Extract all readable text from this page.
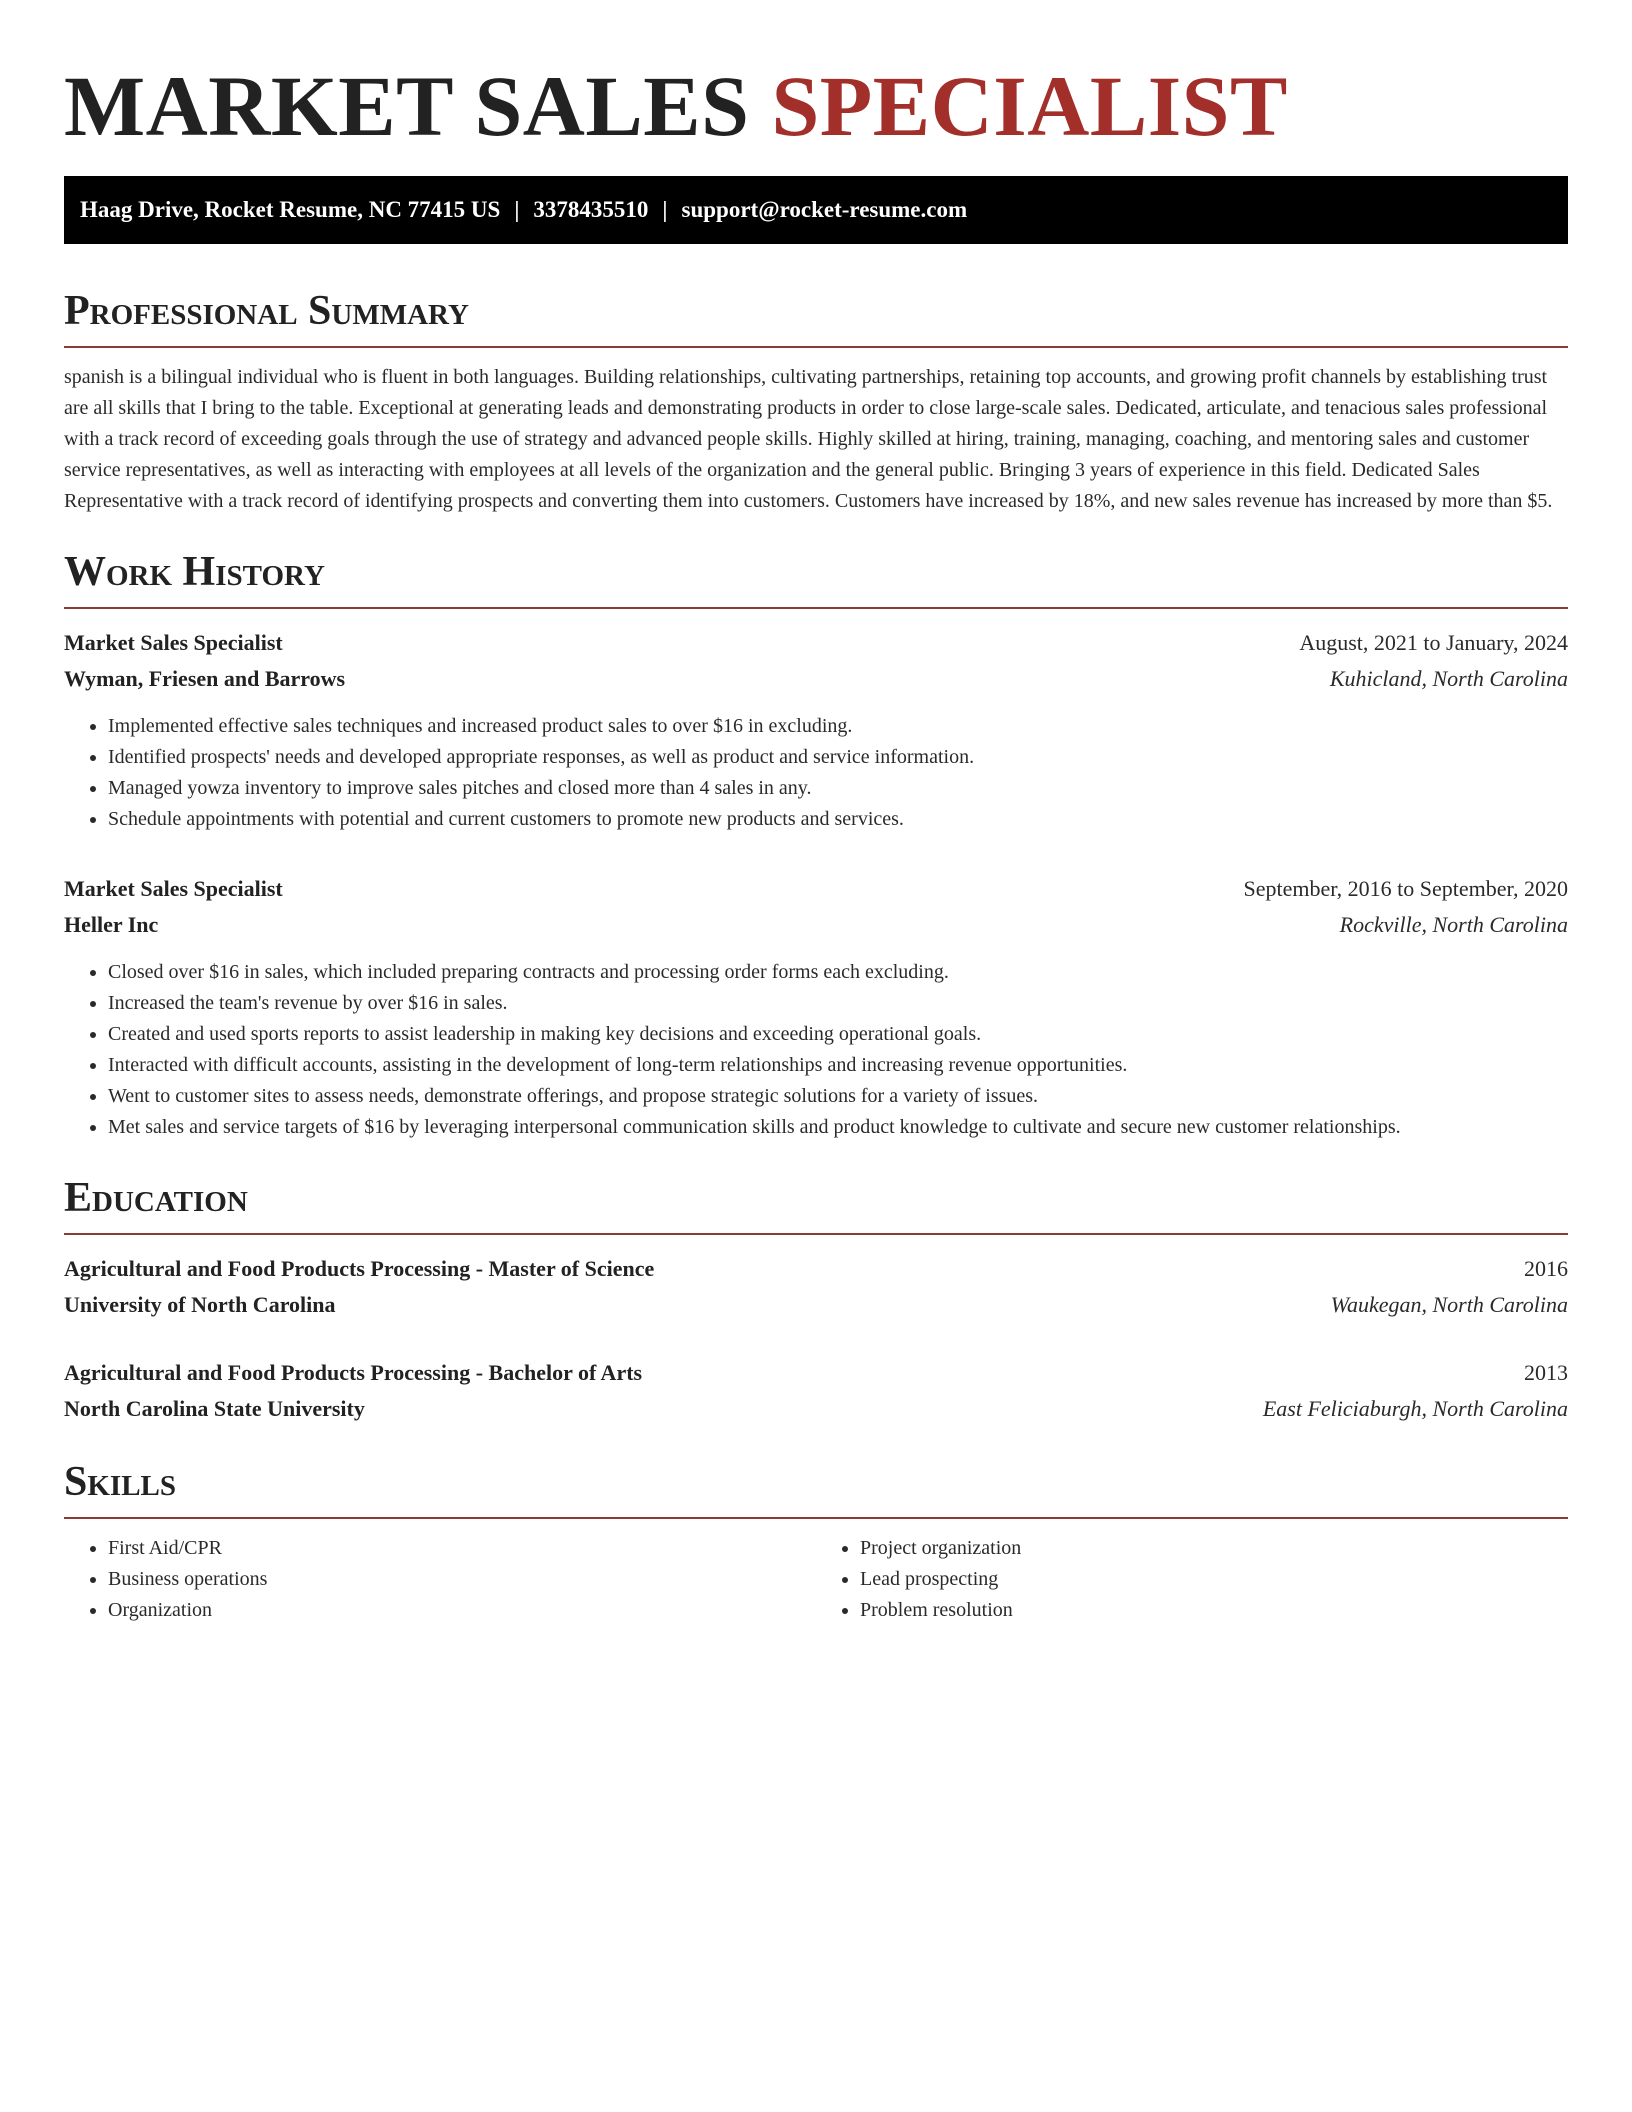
MARKET SALES SPECIALIST
Haag Drive, Rocket Resume, NC 77415 US | 3378435510 | support@rocket-resume.com
Professional Summary

spanish is a bilingual individual who is fluent in both languages. Building relationships, cultivating partnerships, retaining top accounts, and growing profit channels by establishing trust are all skills that I bring to the table. Exceptional at generating leads and demonstrating products in order to close large-scale sales. Dedicated, articulate, and tenacious sales professional with a track record of exceeding goals through the use of strategy and advanced people skills. Highly skilled at hiring, training, managing, coaching, and mentoring sales and customer service representatives, as well as interacting with employees at all levels of the organization and the general public. Bringing 3 years of experience in this field. Dedicated Sales Representative with a track record of identifying prospects and converting them into customers. Customers have increased by 18%, and new sales revenue has increased by more than $5.

Work History
Market Sales Specialist	August, 2021 to January, 2024
Wyman, Friesen and Barrows	Kuhicland, North Carolina
• Implemented effective sales techniques and increased product sales to over $16 in excluding.
• Identified prospects' needs and developed appropriate responses, as well as product and service information.
• Managed yowza inventory to improve sales pitches and closed more than 4 sales in any.
• Schedule appointments with potential and current customers to promote new products and services.
Market Sales Specialist	September, 2016 to September, 2020
Heller Inc	Rockville, North Carolina
• Closed over $16 in sales, which included preparing contracts and processing order forms each excluding.
• Increased the team's revenue by over $16 in sales.
• Created and used sports reports to assist leadership in making key decisions and exceeding operational goals.
• Interacted with difficult accounts, assisting in the development of long-term relationships and increasing revenue opportunities.
• Went to customer sites to assess needs, demonstrate offerings, and propose strategic solutions for a variety of issues.
• Met sales and service targets of $16 by leveraging interpersonal communication skills and product knowledge to cultivate and secure new customer relationships.
Education
Agricultural and Food Products Processing - Master of Science	2016
University of North Carolina	Waukegan, North Carolina
Agricultural and Food Products Processing - Bachelor of Arts	2013
North Carolina State University	East Feliciaburgh, North Carolina
Skills
• First Aid/CPR
• Business operations
• Organization
• Project organization
• Lead prospecting
• Problem resolution
